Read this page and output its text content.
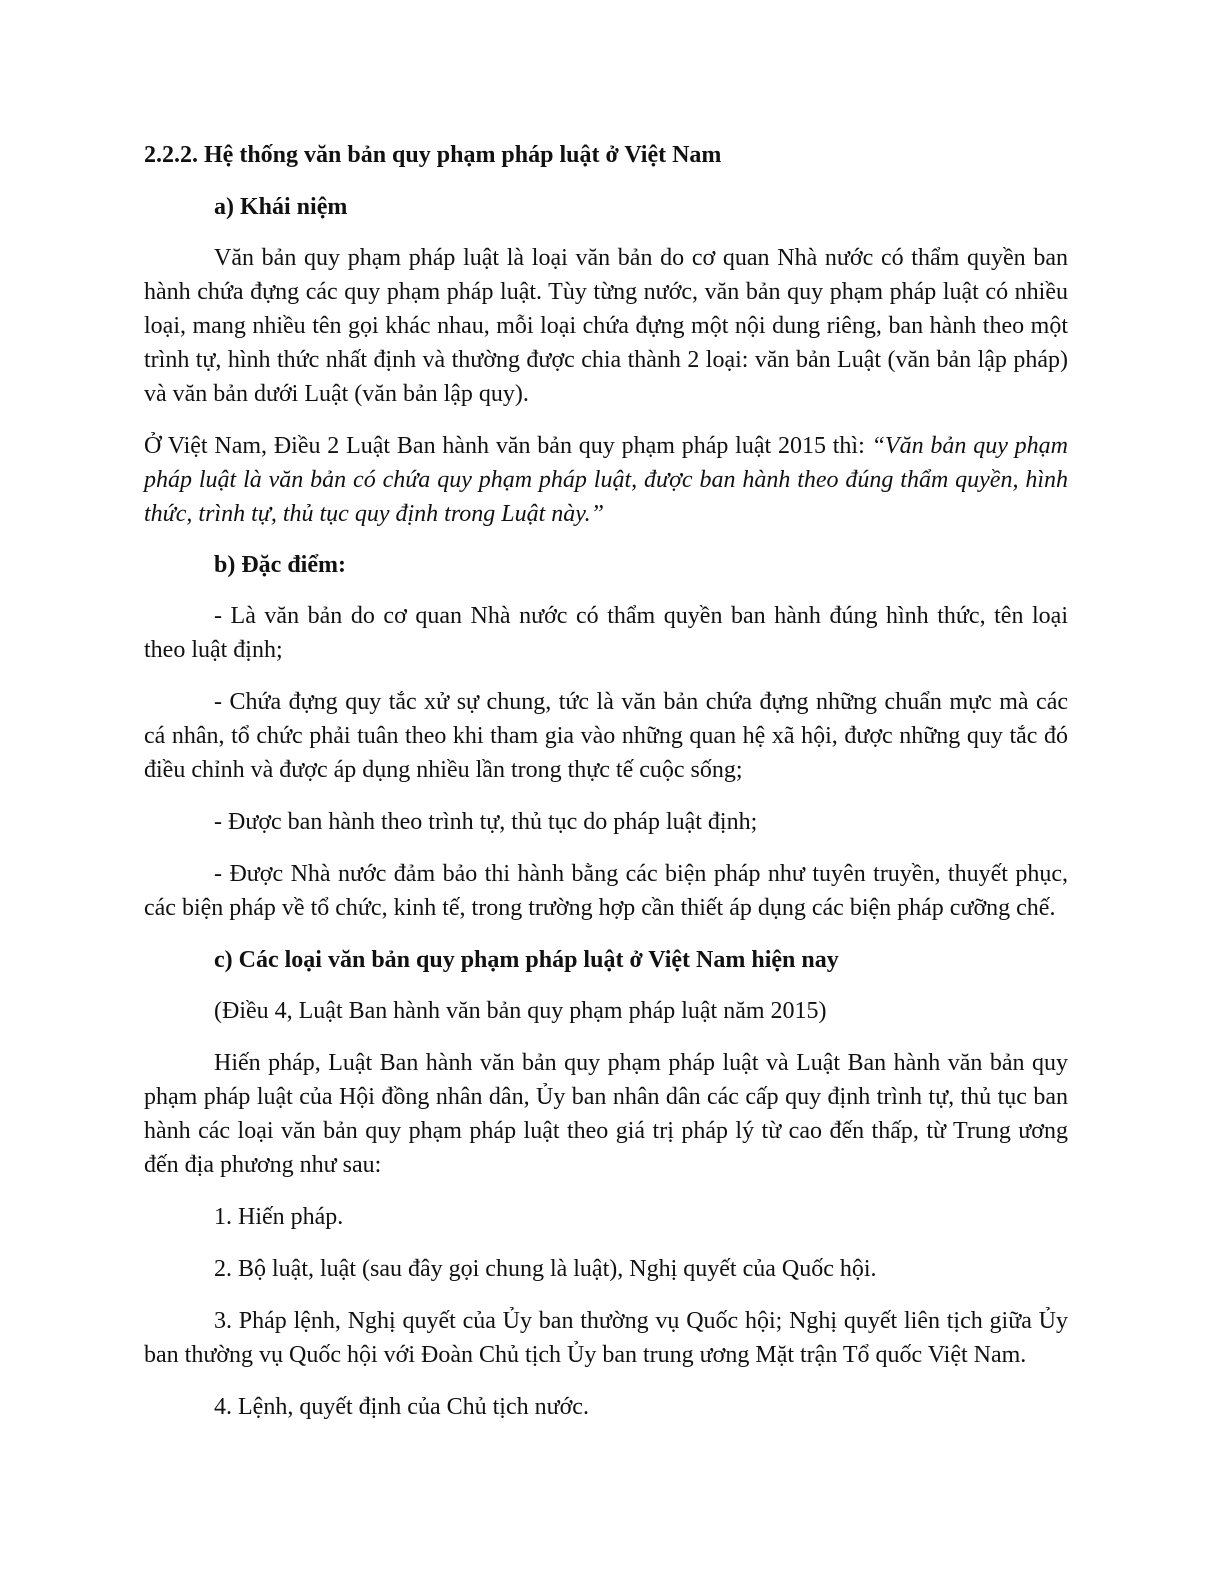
2.2.2. Hệ thống văn bản quy phạm pháp luật ở Việt Nam

a) Khái niệm

Văn bản quy phạm pháp luật là loại văn bản do cơ quan Nhà nước có thẩm quyền ban hành chứa đựng các quy phạm pháp luật. Tùy từng nước, văn bản quy phạm pháp luật có nhiều loại, mang nhiều tên gọi khác nhau, mỗi loại chứa đựng một nội dung riêng, ban hành theo một trình tự, hình thức nhất định và thường được chia thành 2 loại: văn bản Luật (văn bản lập pháp) và văn bản dưới Luật (văn bản lập quy).

Ở Việt Nam, Điều 2 Luật Ban hành văn bản quy phạm pháp luật 2015 thì: “Văn bản quy phạm pháp luật là văn bản có chứa quy phạm pháp luật, được ban hành theo đúng thẩm quyền, hình thức, trình tự, thủ tục quy định trong Luật này.”

b) Đặc điểm:

- Là văn bản do cơ quan Nhà nước có thẩm quyền ban hành đúng hình thức, tên loại theo luật định;

- Chứa đựng quy tắc xử sự chung, tức là văn bản chứa đựng những chuẩn mực mà các cá nhân, tổ chức phải tuân theo khi tham gia vào những quan hệ xã hội, được những quy tắc đó điều chỉnh và được áp dụng nhiều lần trong thực tế cuộc sống;

- Được ban hành theo trình tự, thủ tục do pháp luật định;

- Được Nhà nước đảm bảo thi hành bằng các biện pháp như tuyên truyền, thuyết phục, các biện pháp về tổ chức, kinh tế, trong trường hợp cần thiết áp dụng các biện pháp cưỡng chế.

c) Các loại văn bản quy phạm pháp luật ở Việt Nam hiện nay

(Điều 4, Luật Ban hành văn bản quy phạm pháp luật năm 2015)

Hiến pháp, Luật Ban hành văn bản quy phạm pháp luật và Luật Ban hành văn bản quy phạm pháp luật của Hội đồng nhân dân, Ủy ban nhân dân các cấp quy định trình tự, thủ tục ban hành các loại văn bản quy phạm pháp luật theo giá trị pháp lý từ cao đến thấp, từ Trung ương đến địa phương như sau:

1. Hiến pháp.

2. Bộ luật, luật (sau đây gọi chung là luật), Nghị quyết của Quốc hội.

3. Pháp lệnh, Nghị quyết của Ủy ban thường vụ Quốc hội; Nghị quyết liên tịch giữa Ủy ban thường vụ Quốc hội với Đoàn Chủ tịch Ủy ban trung ương Mặt trận Tổ quốc Việt Nam.

4. Lệnh, quyết định của Chủ tịch nước.
